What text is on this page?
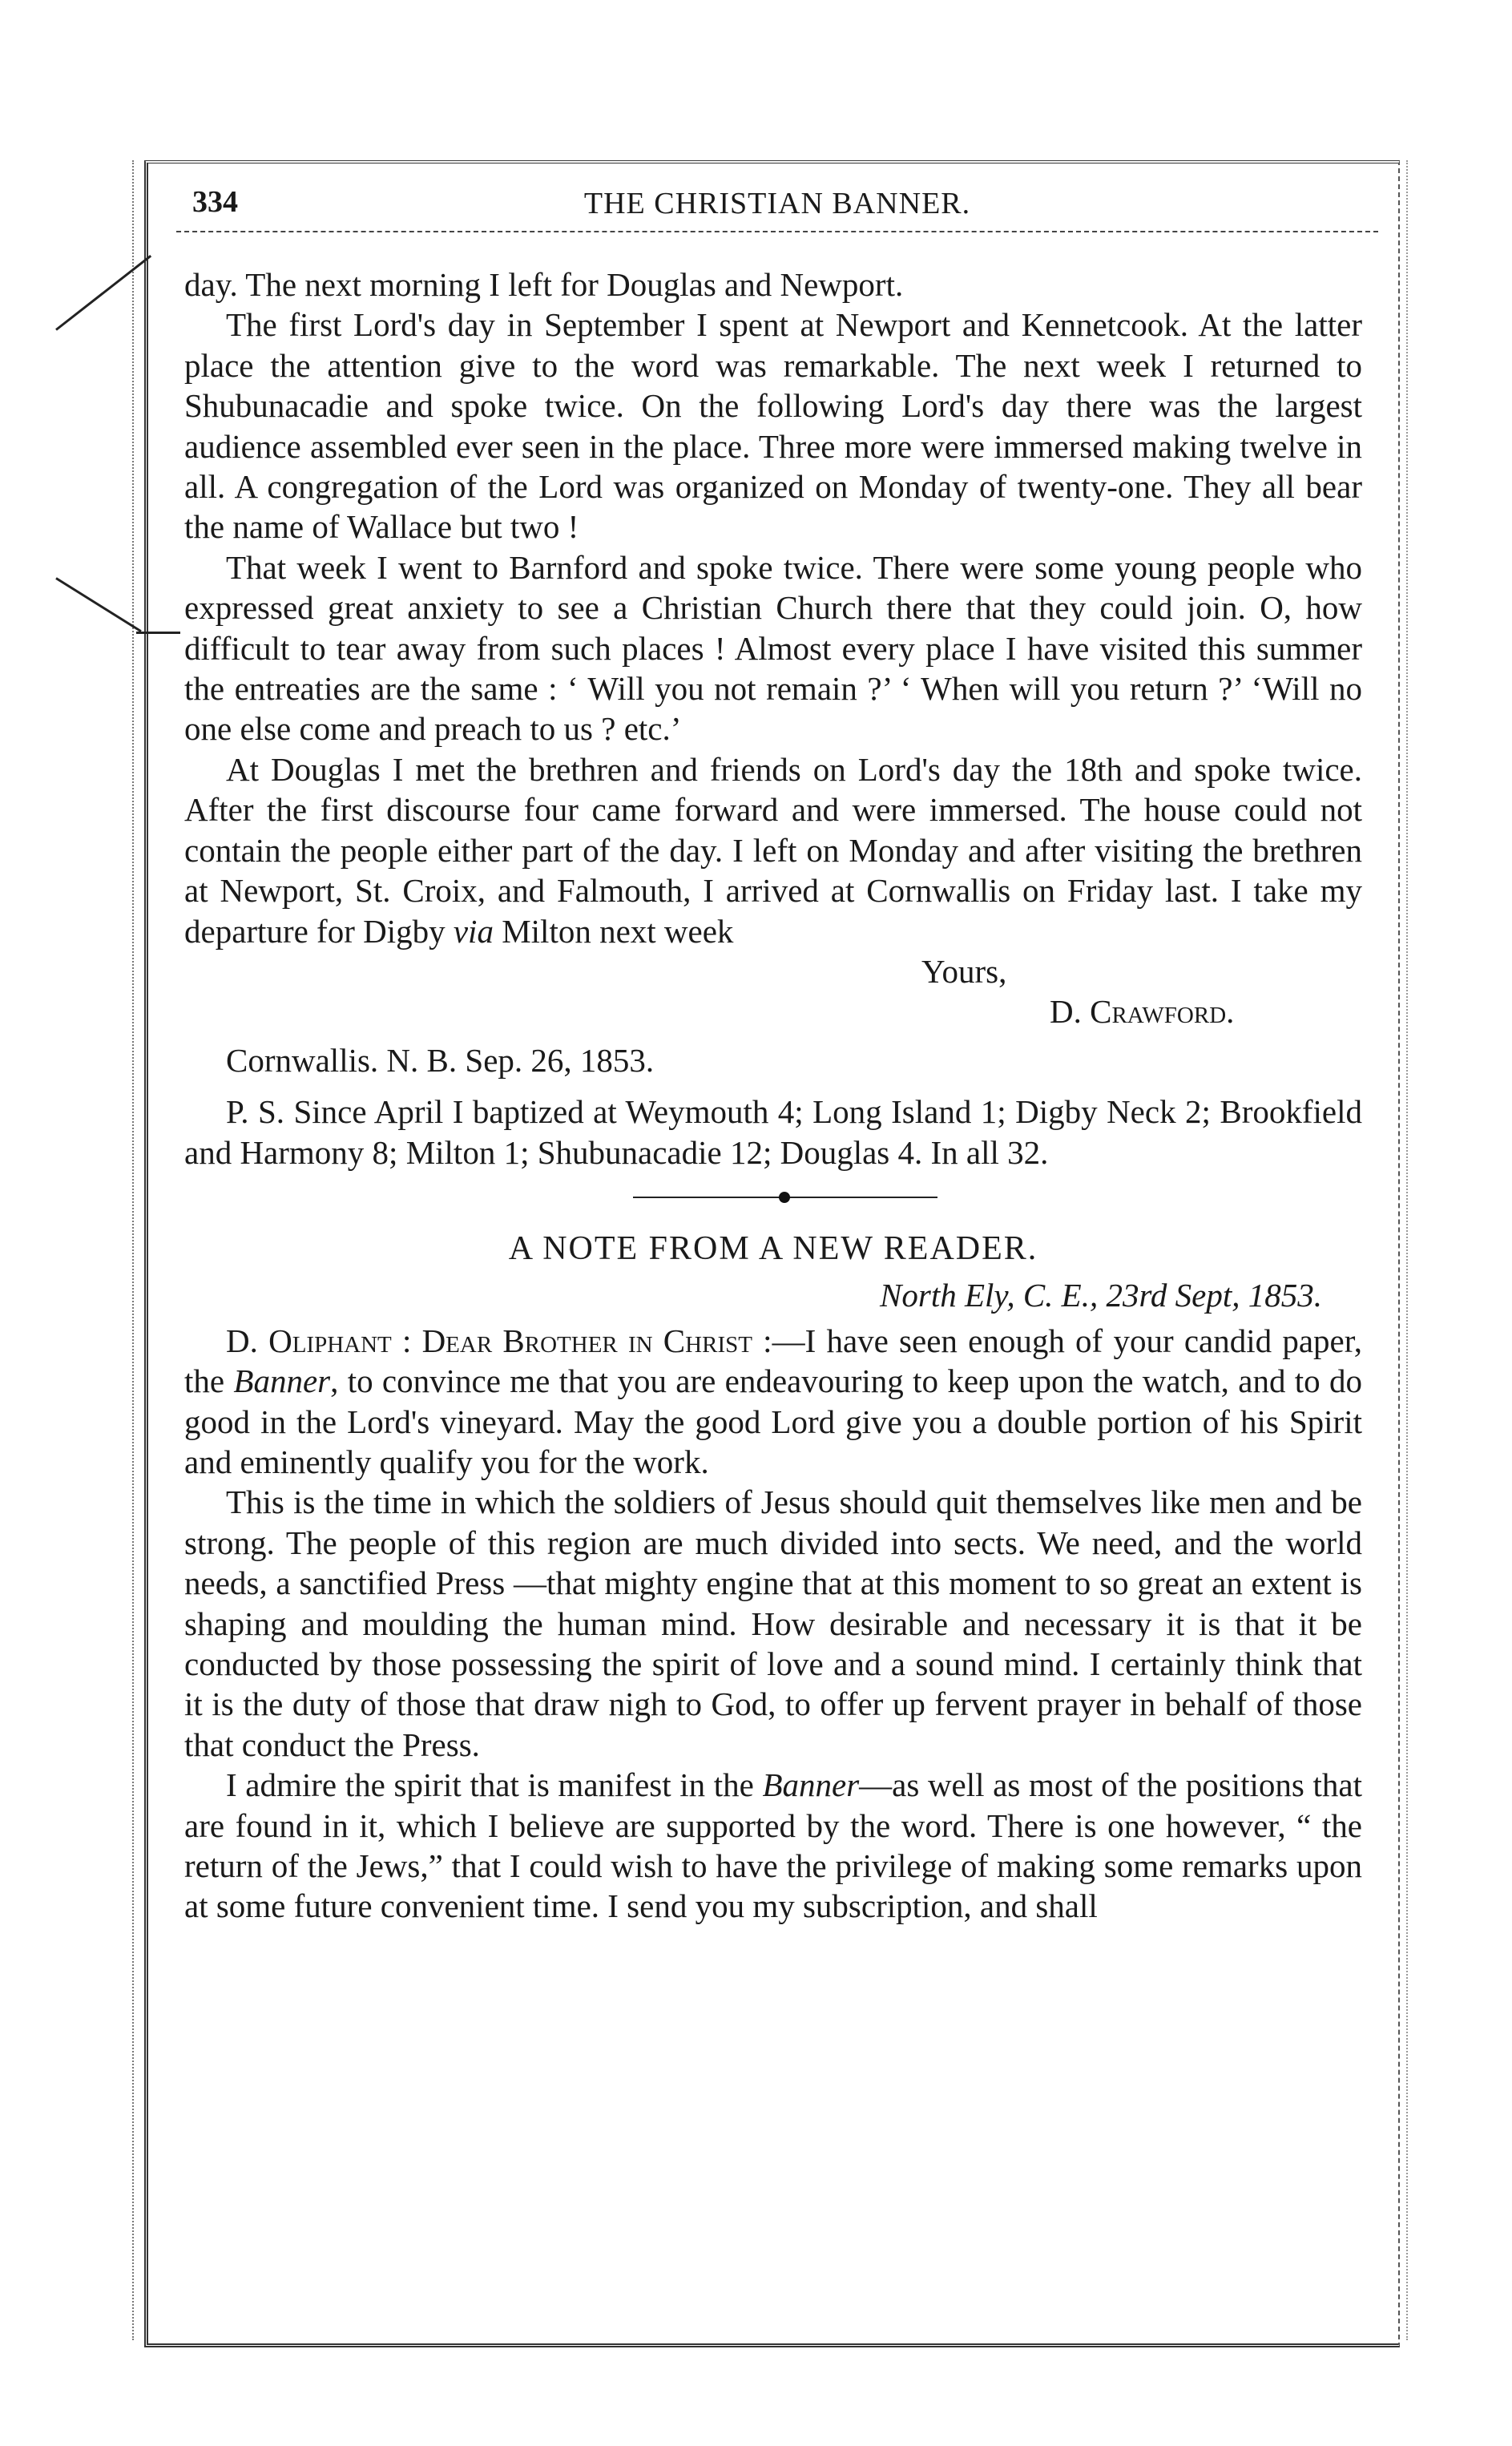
334	THE CHRISTIAN BANNER.

day. The next morning I left for Douglas and Newport.

The first Lord's day in September I spent at Newport and Kennetcook. At the latter place the attention give to the word was remarkable. The next week I returned to Shubunacadie and spoke twice. On the following Lord's day there was the largest audience assembled ever seen in the place. Three more were immersed making twelve in all. A congregation of the Lord was organized on Monday of twenty-one. They all bear the name of Wallace but two !

That week I went to Barnford and spoke twice. There were some young people who expressed great anxiety to see a Christian Church there that they could join. O, how difficult to tear away from such places ! Almost every place I have visited this summer the entreaties are the same : ‘ Will you not remain ?’ ‘ When will you return ?’ ‘Will no one else come and preach to us ? etc.’

At Douglas I met the brethren and friends on Lord's day the 18th and spoke twice. After the first discourse four came forward and were immersed. The house could not contain the people either part of the day. I left on Monday and after visiting the brethren at Newport, St. Croix, and Falmouth, I arrived at Cornwallis on Friday last. I take my departure for Digby via Milton next week

Yours,
D. Crawford.
Cornwallis. N. B. Sep. 26, 1853.

P. S. Since April I baptized at Weymouth 4; Long Island 1; Digby Neck 2; Brookfield and Harmony 8; Milton 1; Shubunacadie 12; Douglas 4. In all 32.

A NOTE FROM A NEW READER.
North Ely, C. E., 23rd Sept, 1853.

D. Oliphant : Dear Brother in Christ :—I have seen enough of your candid paper, the Banner, to convince me that you are endeavouring to keep upon the watch, and to do good in the Lord's vineyard. May the good Lord give you a double portion of his Spirit and eminently qualify you for the work.

This is the time in which the soldiers of Jesus should quit themselves like men and be strong. The people of this region are much divided into sects. We need, and the world needs, a sanctified Press —that mighty engine that at this moment to so great an extent is shaping and moulding the human mind. How desirable and necessary it is that it be conducted by those possessing the spirit of love and a sound mind. I certainly think that it is the duty of those that draw nigh to God, to offer up fervent prayer in behalf of those that conduct the Press.

I admire the spirit that is manifest in the Banner—as well as most of the positions that are found in it, which I believe are supported by the word. There is one however, “ the return of the Jews,” that I could wish to have the privilege of making some remarks upon at some future convenient time. I send you my subscription, and shall
